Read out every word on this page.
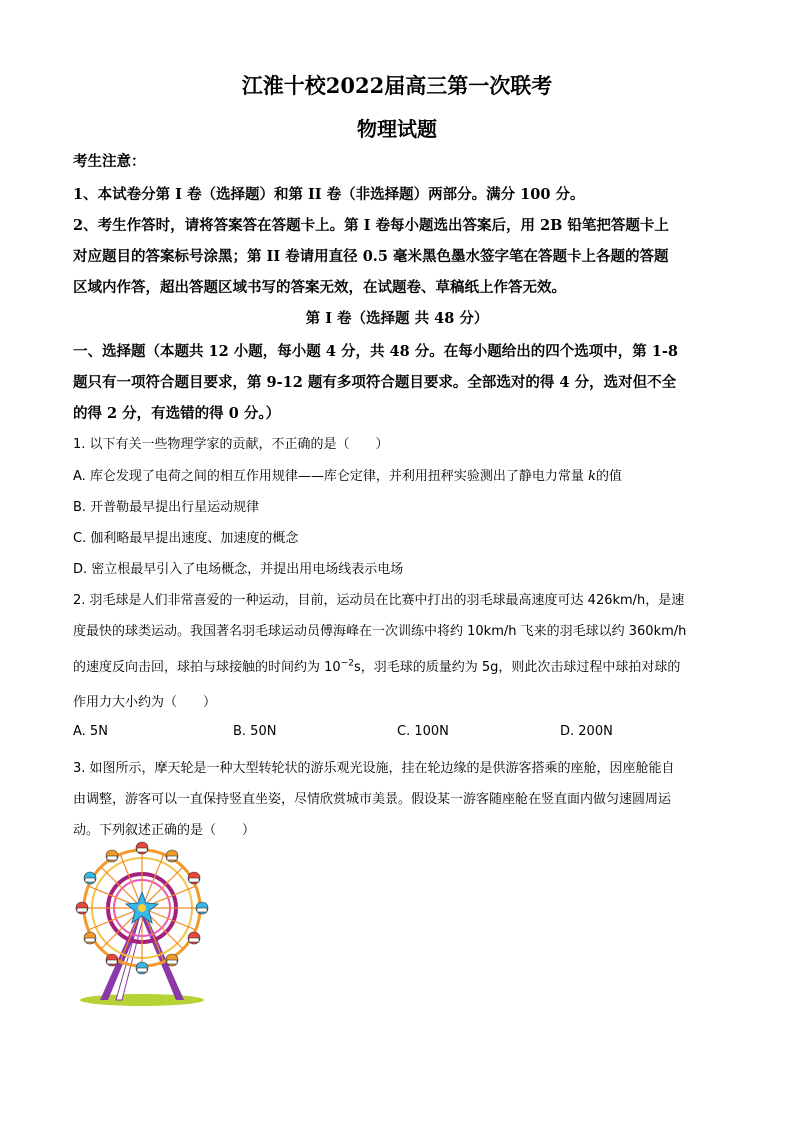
江淮十校2022届高三第一次联考
物理试题
考生注意：
1、本试卷分第 I 卷（选择题）和第 II 卷（非选择题）两部分。满分 100 分。
2、考生作答时，请将答案答在答题卡上。第 I 卷每小题选出答案后，用 2B 铅笔把答题卡上
对应题目的答案标号涂黑；第 II 卷请用直径 0.5 毫米黑色墨水签字笔在答题卡上各题的答题
区域内作答，超出答题区域书写的答案无效，在试题卷、草稿纸上作答无效。
第 I 卷（选择题 共 48 分）
一、选择题（本题共 12 小题，每小题 4 分，共 48 分。在每小题给出的四个选项中，第 1-8
题只有一项符合题目要求，第 9-12 题有多项符合题目要求。全部选对的得 4 分，选对但不全
的得 2 分，有选错的得 0 分。）
1. 以下有关一些物理学家的贡献，不正确的是（　　）
A. 库仑发现了电荷之间的相互作用规律——库仑定律，并利用扭秤实验测出了静电力常量 k的值
B. 开普勒最早提出行星运动规律
C. 伽利略最早提出速度、加速度的概念
D. 密立根最早引入了电场概念，并提出用电场线表示电场
2. 羽毛球是人们非常喜爱的一种运动，目前，运动员在比赛中打出的羽毛球最高速度可达 426km/h，是速
度最快的球类运动。我国著名羽毛球运动员傅海峰在一次训练中将约 10km/h 飞来的羽毛球以约 360km/h
的速度反向击回，球拍与球接触的时间约为 $10^{-2}s$，羽毛球的质量约为 5g，则此次击球过程中球拍对球的
作用力大小约为（　　）
A. 5N	B. 50N	C. 100N	D. 200N
3. 如图所示，摩天轮是一种大型转轮状的游乐观光设施，挂在轮边缘的是供游客搭乘的座舱，因座舱能自
由调整，游客可以一直保持竖直坐姿，尽情欣赏城市美景。假设某一游客随座舱在竖直面内做匀速圆周运
动。下列叙述正确的是（　　）
